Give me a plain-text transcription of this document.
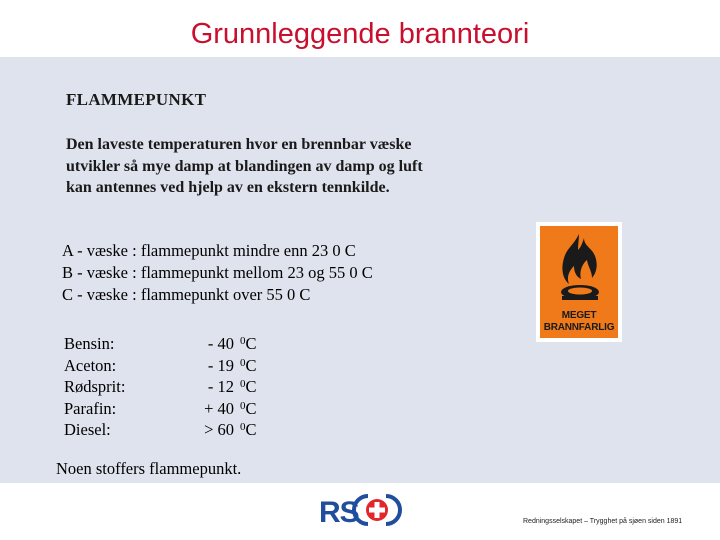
Grunnleggende brannteori
FLAMMEPUNKT
Den laveste temperaturen hvor en brennbar væske utvikler så mye damp at blandingen av damp og luft kan antennes ved hjelp av en ekstern tennkilde.
A - væske : flammepunkt mindre enn 23 0 C
B - væske : flammepunkt mellom 23 og 55 0 C
C - væske : flammepunkt over 55 0 C
Bensin:
Aceton:
Rødsprit:
Parafin:
Diesel:
- 40
- 19
- 12
+ 40
> 60
$^0$C
$^0$C
$^0$C
$^0$C
$^0$C
Noen stoffers flammepunkt.
MEGET
BRANNFARLIG
RS	Redningsselskapet – Trygghet på sjøen siden 1891
